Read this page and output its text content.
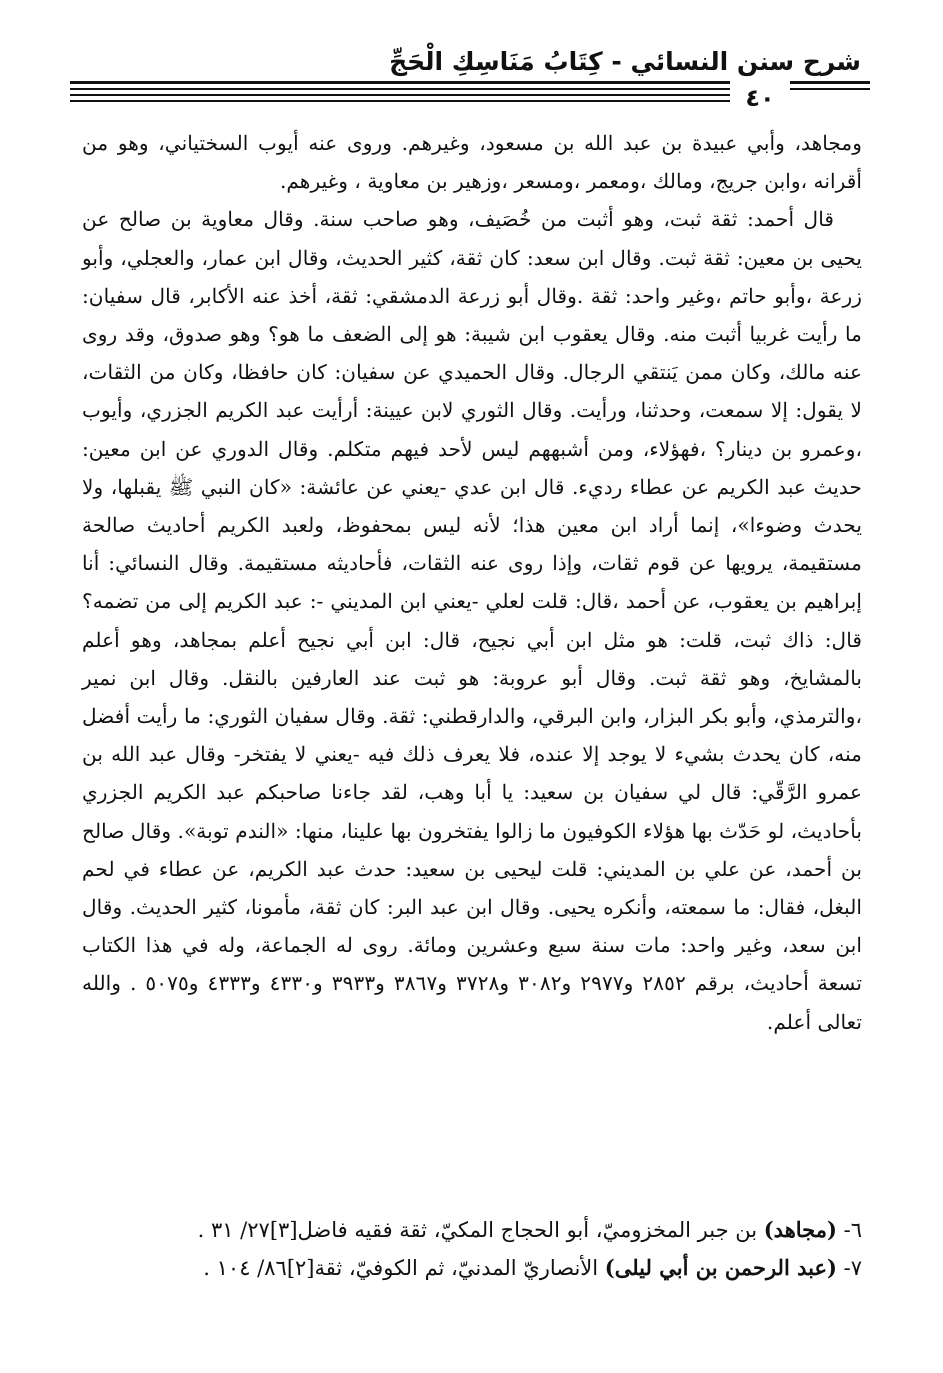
شرح سنن النسائي - كِتَابُ مَنَاسِكِ الْحَجِّ
٤٠

ومجاهد، وأبي عبيدة بن عبد الله بن مسعود، وغيرهم. وروى عنه أيوب السختياني، وهو من أقرانه ،وابن جريج، ومالك ،ومعمر ،ومسعر ،وزهير بن معاوية ، وغيرهم.

قال أحمد: ثقة ثبت، وهو أثبت من خُصَيف، وهو صاحب سنة. وقال معاوية بن صالح عن يحيى بن معين: ثقة ثبت. وقال ابن سعد: كان ثقة، كثير الحديث، وقال ابن عمار، والعجلي، وأبو زرعة ،وأبو حاتم ،وغير واحد: ثقة .وقال أبو زرعة الدمشقي: ثقة، أخذ عنه الأكابر، قال سفيان: ما رأيت غربيا أثبت منه. وقال يعقوب ابن شيبة: هو إلى الضعف ما هو؟ وهو صدوق، وقد روى عنه مالك، وكان ممن يَنتقي الرجال. وقال الحميدي عن سفيان: كان حافظا، وكان من الثقات، لا يقول: إلا سمعت، وحدثنا، ورأيت. وقال الثوري لابن عيينة: أرأيت عبد الكريم الجزري، وأيوب ،وعمرو بن دينار؟ ،فهؤلاء، ومن أشبههم ليس لأحد فيهم متكلم. وقال الدوري عن ابن معين: حديث عبد الكريم عن عطاء رديء. قال ابن عدي -يعني عن عائشة: «كان النبي ﷺ يقبلها، ولا يحدث وضوءا»، إنما أراد ابن معين هذا؛ لأنه ليس بمحفوظ، ولعبد الكريم أحاديث صالحة مستقيمة، يرويها عن قوم ثقات، وإذا روى عنه الثقات، فأحاديثه مستقيمة. وقال النسائي: أنا إبراهيم بن يعقوب، عن أحمد ،قال: قلت لعلي -يعني ابن المديني -: عبد الكريم إلى من تضمه؟ قال: ذاك ثبت، قلت: هو مثل ابن أبي نجيح، قال: ابن أبي نجيح أعلم بمجاهد، وهو أعلم بالمشايخ، وهو ثقة ثبت. وقال أبو عروبة: هو ثبت عند العارفين بالنقل. وقال ابن نمير ،والترمذي، وأبو بكر البزار، وابن البرقي، والدارقطني: ثقة. وقال سفيان الثوري: ما رأيت أفضل منه، كان يحدث بشيء لا يوجد إلا عنده، فلا يعرف ذلك فيه -يعني لا يفتخر- وقال عبد الله بن عمرو الرَّقّي: قال لي سفيان بن سعيد: يا أبا وهب، لقد جاءنا صاحبكم عبد الكريم الجزري بأحاديث، لو حَدّث بها هؤلاء الكوفيون ما زالوا يفتخرون بها علينا، منها: «الندم توبة». وقال صالح بن أحمد، عن علي بن المديني: قلت ليحيى بن سعيد: حدث عبد الكريم، عن عطاء في لحم البغل، فقال: ما سمعته، وأنكره يحيى. وقال ابن عبد البر: كان ثقة، مأمونا، كثير الحديث. وقال ابن سعد، وغير واحد: مات سنة سبع وعشرين ومائة. روى له الجماعة، وله في هذا الكتاب تسعة أحاديث، برقم ٢٨٥٢ و٢٩٧٧ و٣٠٨٢ و٣٧٢٨ و٣٨٦٧ و٣٩٣٣ و٤٣٣٠ و٤٣٣٣ و٥٠٧٥ . والله تعالى أعلم.

٦- (مجاهد) بن جبر المخزوميّ، أبو الحجاج المكيّ، ثقة فقيه فاضل[٣]٢٧/ ٣١ .

٧- (عبد الرحمن بن أبي ليلى) الأنصاريّ المدنيّ، ثم الكوفيّ، ثقة[٢]٨٦/ ١٠٤ .
